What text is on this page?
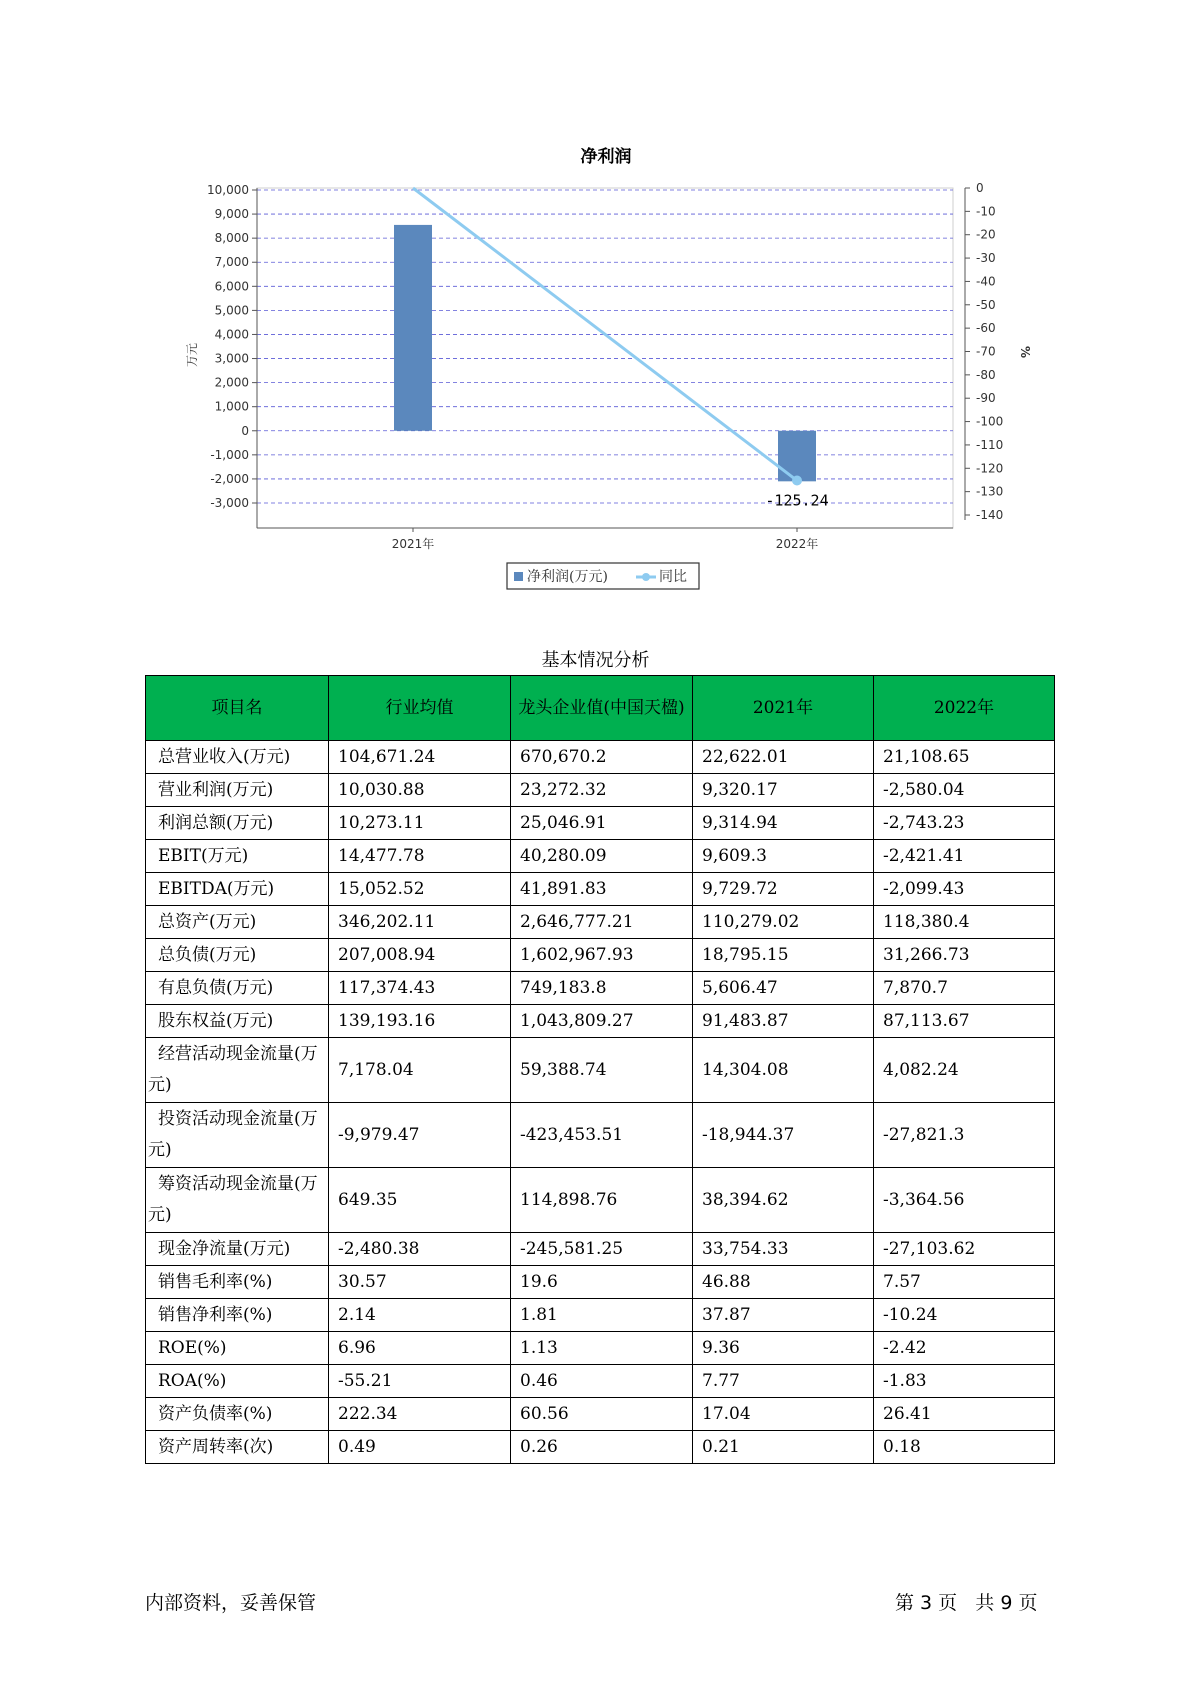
净利润
10,000
9,000
8,000
7,000
6,000
5,000
4,000
3,000
2,000
1,000
0
-1,000
-2,000
-3,000
0
-10
-20
-30
-40
-50
-60
-70
-80
-90
-100
-110
-120
-130
-140
万元	%
2021年	2022年
-125.24
净利润(万元)	同比
基本情况分析
项目名	行业均值	龙头企业值(中国天楹)	2021年	2022年
总营业收入(万元)	104,671.24	670,670.2	22,622.01	21,108.65
营业利润(万元)	10,030.88	23,272.32	9,320.17	-2,580.04
利润总额(万元)	10,273.11	25,046.91	9,314.94	-2,743.23
EBIT(万元)	14,477.78	40,280.09	9,609.3	-2,421.41
EBITDA(万元)	15,052.52	41,891.83	9,729.72	-2,099.43
总资产(万元)	346,202.11	2,646,777.21	110,279.02	118,380.4
总负债(万元)	207,008.94	1,602,967.93	18,795.15	31,266.73
有息负债(万元)	117,374.43	749,183.8	5,606.47	7,870.7
股东权益(万元)	139,193.16	1,043,809.27	91,483.87	87,113.67
经营活动现金流量(万元)	7,178.04	59,388.74	14,304.08	4,082.24
投资活动现金流量(万元)	-9,979.47	-423,453.51	-18,944.37	-27,821.3
筹资活动现金流量(万元)	649.35	114,898.76	38,394.62	-3,364.56
现金净流量(万元)	-2,480.38	-245,581.25	33,754.33	-27,103.62
销售毛利率(%)	30.57	19.6	46.88	7.57
销售净利率(%)	2.14	1.81	37.87	-10.24
ROE(%)	6.96	1.13	9.36	-2.42
ROA(%)	-55.21	0.46	7.77	-1.83
资产负债率(%)	222.34	60.56	17.04	26.41
资产周转率(次)	0.49	0.26	0.21	0.18
内部资料，妥善保管	第 3 页   共 9 页
